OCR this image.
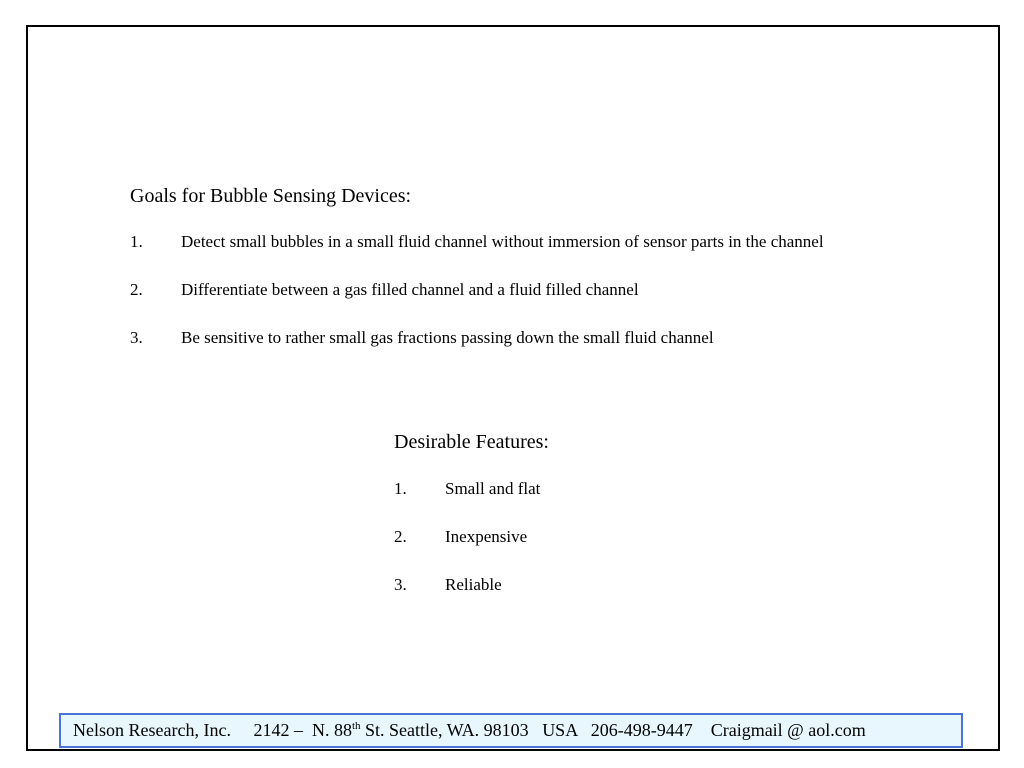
Goals for Bubble Sensing Devices:
1. Detect small bubbles in a small fluid channel without immersion of sensor parts in the channel
2. Differentiate between a gas filled channel and a fluid filled channel
3. Be sensitive to rather small gas fractions passing down the small fluid channel
Desirable Features:
1. Small and flat
2. Inexpensive
3. Reliable
Nelson Research, Inc. 2142 –  N. 88th St. Seattle, WA. 98103 USA 206-498-9447 Craigmail @ aol.com
